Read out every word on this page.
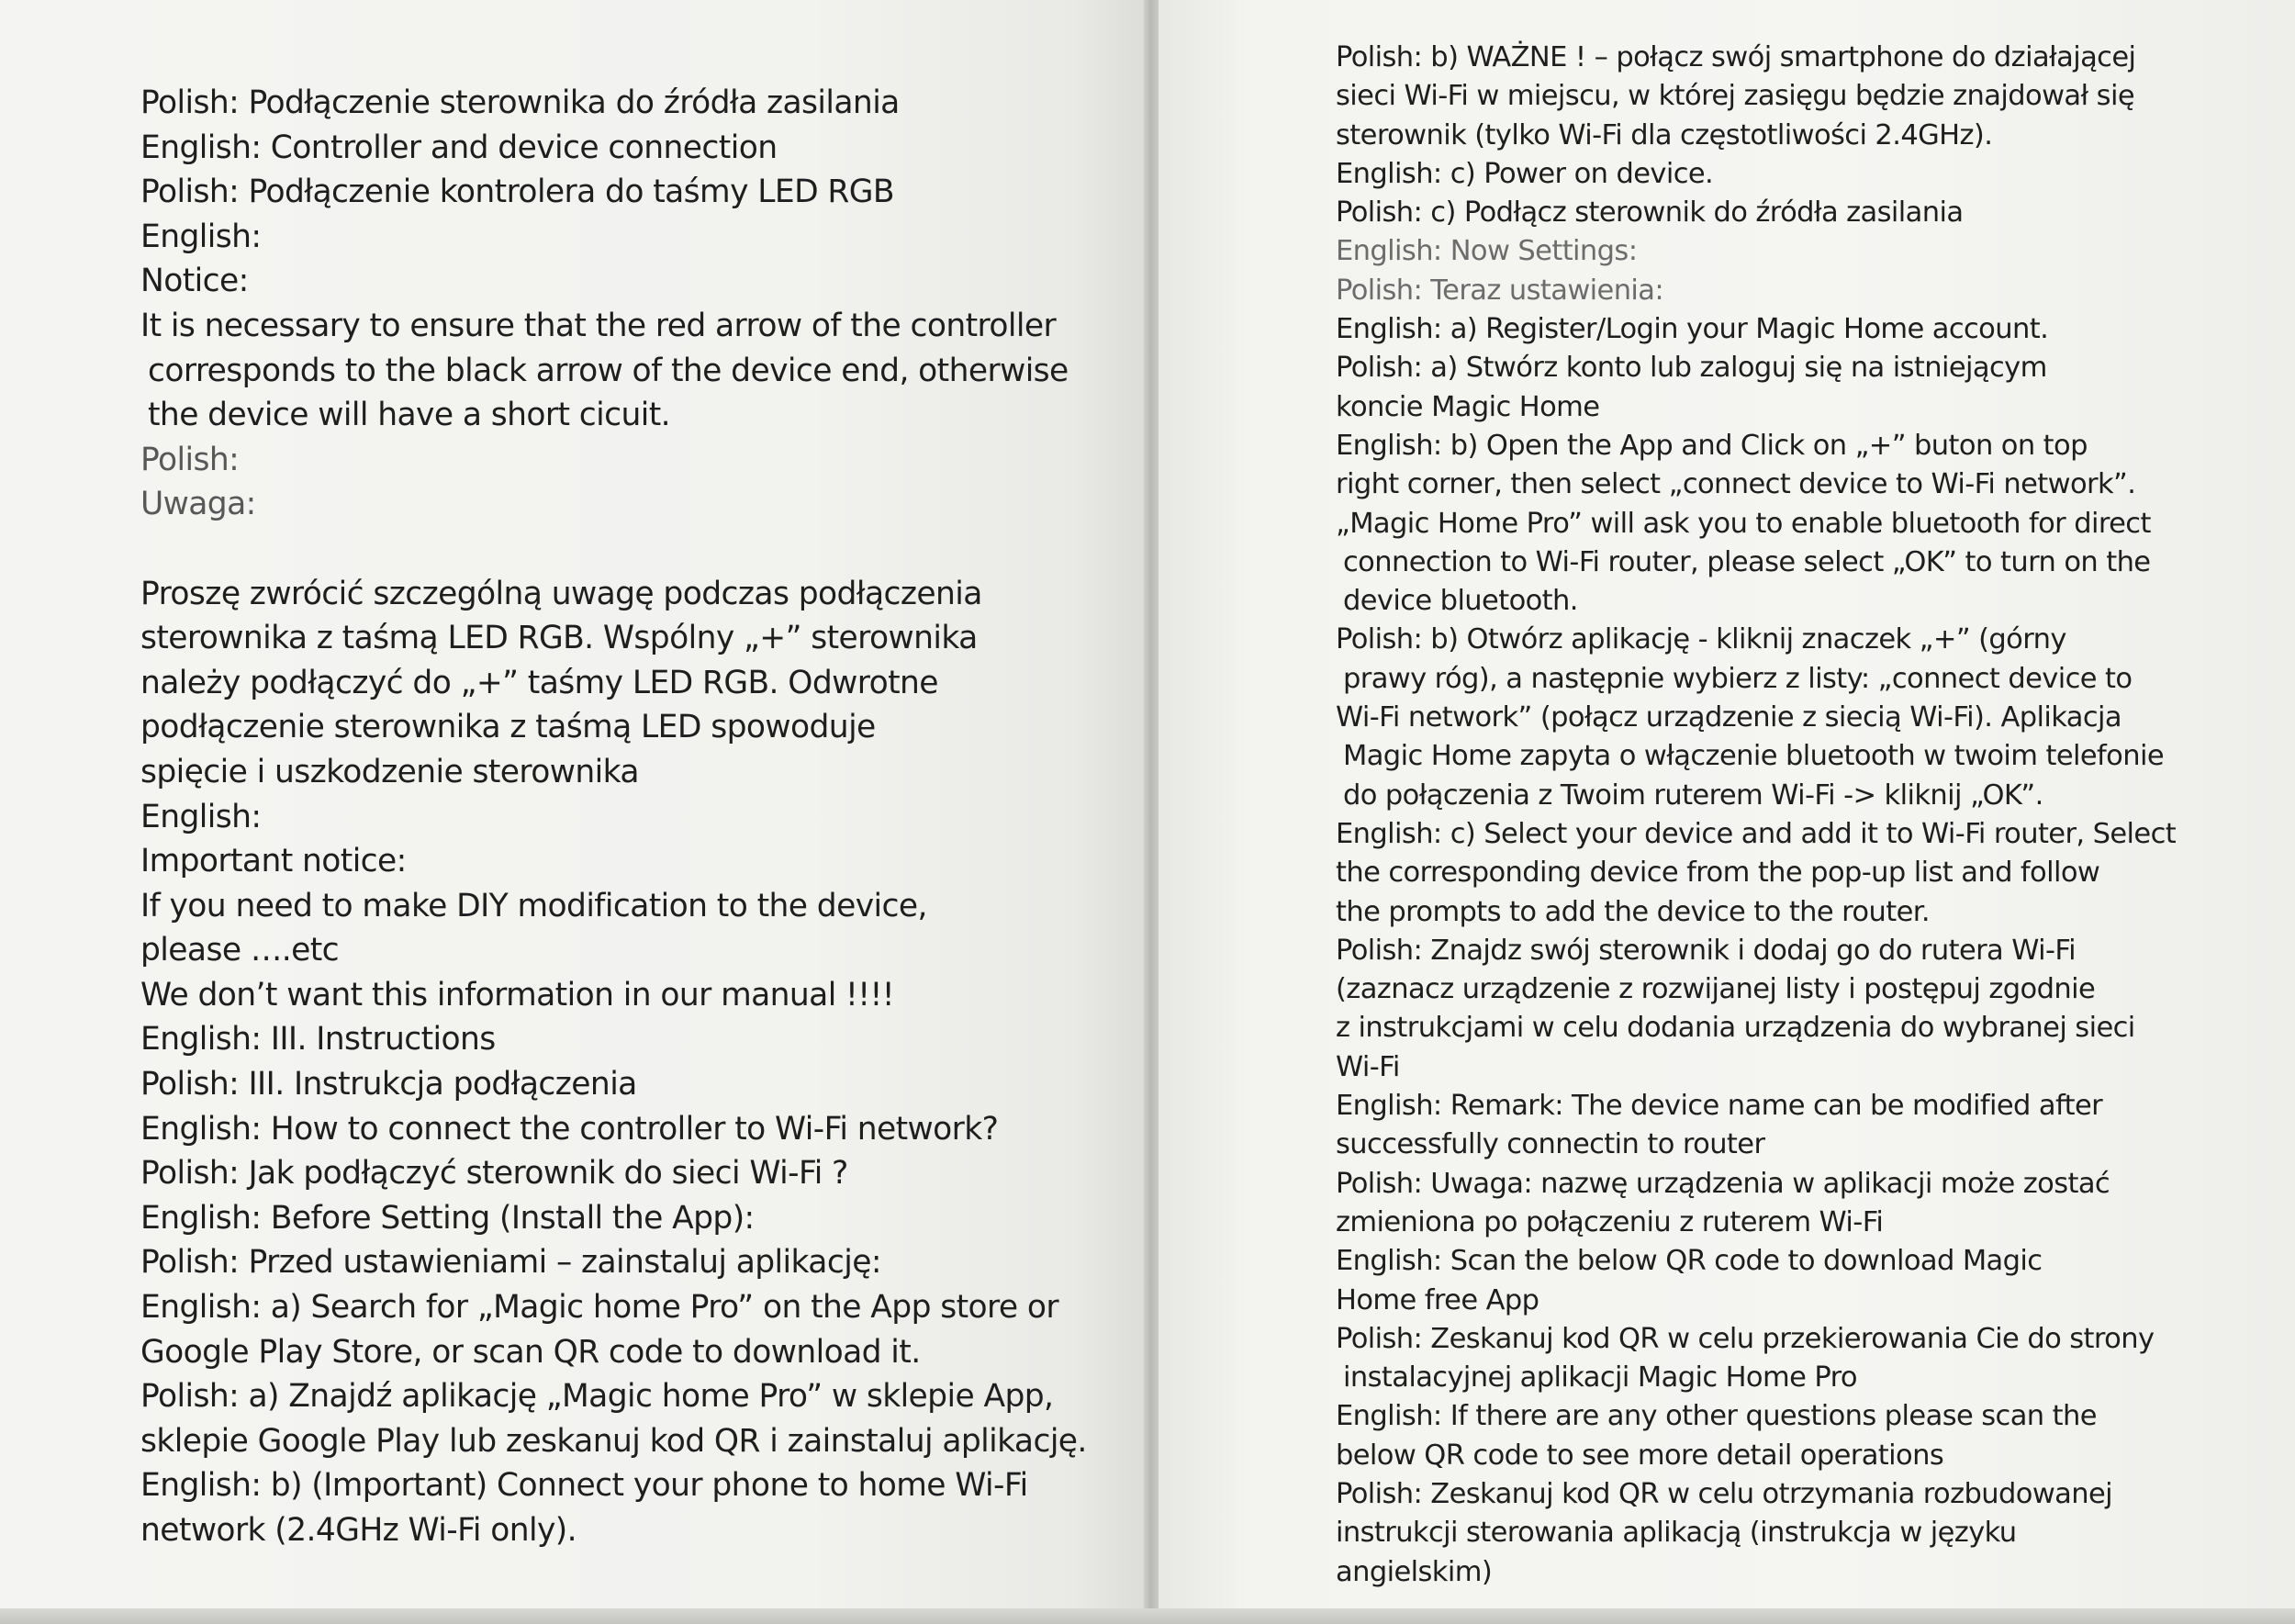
Polish: Podłączenie sterownika do źródła zasilania
English: Controller and device connection
Polish: Podłączenie kontrolera do taśmy LED RGB
English:
Notice:
It is necessary to ensure that the red arrow of the controller
corresponds to the black arrow of the device end, otherwise
the device will have a short cicuit.
Polish:
Uwaga:
Proszę zwrócić szczególną uwagę podczas podłączenia
sterownika z taśmą LED RGB. Wspólny „+” sterownika
należy podłączyć do „+” taśmy LED RGB. Odwrotne
podłączenie sterownika z taśmą LED spowoduje
spięcie i uszkodzenie sterownika
English:
Important notice:
If you need to make DIY modification to the device,
please ….etc
We don’t want this information in our manual !!!!
English: III. Instructions
Polish: III. Instrukcja podłączenia
English: How to connect the controller to Wi-Fi network?
Polish: Jak podłączyć sterownik do sieci Wi-Fi ?
English: Before Setting (Install the App):
Polish: Przed ustawieniami – zainstaluj aplikację:
English: a) Search for „Magic home Pro” on the App store or
Google Play Store, or scan QR code to download it.
Polish: a) Znajdź aplikację „Magic home Pro” w sklepie App,
sklepie Google Play lub zeskanuj kod QR i zainstaluj aplikację.
English: b) (Important) Connect your phone to home Wi-Fi
network (2.4GHz Wi-Fi only).
Polish: b) WAŻNE ! – połącz swój smartphone do działającej
sieci Wi-Fi w miejscu, w której zasięgu będzie znajdował się
sterownik (tylko Wi-Fi dla częstotliwości 2.4GHz).
English: c) Power on device.
Polish: c) Podłącz sterownik do źródła zasilania
English: Now Settings:
Polish: Teraz ustawienia:
English: a) Register/Login your Magic Home account.
Polish: a) Stwórz konto lub zaloguj się na istniejącym
koncie Magic Home
English: b) Open the App and Click on „+” buton on top
right corner, then select „connect device to Wi-Fi network”.
„Magic Home Pro” will ask you to enable bluetooth for direct
connection to Wi-Fi router, please select „OK” to turn on the
device bluetooth.
Polish: b) Otwórz aplikację - kliknij znaczek „+” (górny
prawy róg), a następnie wybierz z listy: „connect device to
Wi-Fi network” (połącz urządzenie z siecią Wi-Fi). Aplikacja
Magic Home zapyta o włączenie bluetooth w twoim telefonie
do połączenia z Twoim ruterem Wi-Fi -> kliknij „OK”.
English: c) Select your device and add it to Wi-Fi router, Select
the corresponding device from the pop-up list and follow
the prompts to add the device to the router.
Polish: Znajdz swój sterownik i dodaj go do rutera Wi-Fi
(zaznacz urządzenie z rozwijanej listy i postępuj zgodnie
z instrukcjami w celu dodania urządzenia do wybranej sieci
Wi-Fi
English: Remark: The device name can be modified after
successfully connectin to router
Polish: Uwaga: nazwę urządzenia w aplikacji może zostać
zmieniona po połączeniu z ruterem Wi-Fi
English: Scan the below QR code to download Magic
Home free App
Polish: Zeskanuj kod QR w celu przekierowania Cie do strony
instalacyjnej aplikacji Magic Home Pro
English: If there are any other questions please scan the
below QR code to see more detail operations
Polish: Zeskanuj kod QR w celu otrzymania rozbudowanej
instrukcji sterowania aplikacją (instrukcja w języku
angielskim)
